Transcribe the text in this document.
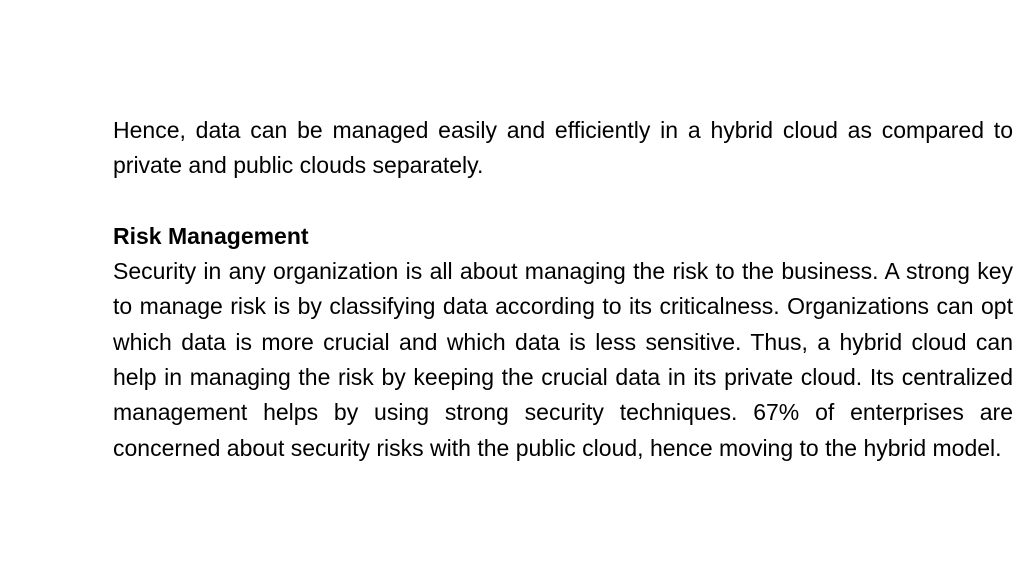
Hence, data can be managed easily and efficiently in a hybrid cloud as compared to private and public clouds separately.

Risk Management

Security in any organization is all about managing the risk to the business. A strong key to manage risk is by classifying data according to its criticalness. Organizations can opt which data is more crucial and which data is less sensitive. Thus, a hybrid cloud can help in managing the risk by keeping the crucial data in its private cloud. Its centralized management helps by using strong security techniques. 67% of enterprises are concerned about security risks with the public cloud, hence moving to the hybrid model.
